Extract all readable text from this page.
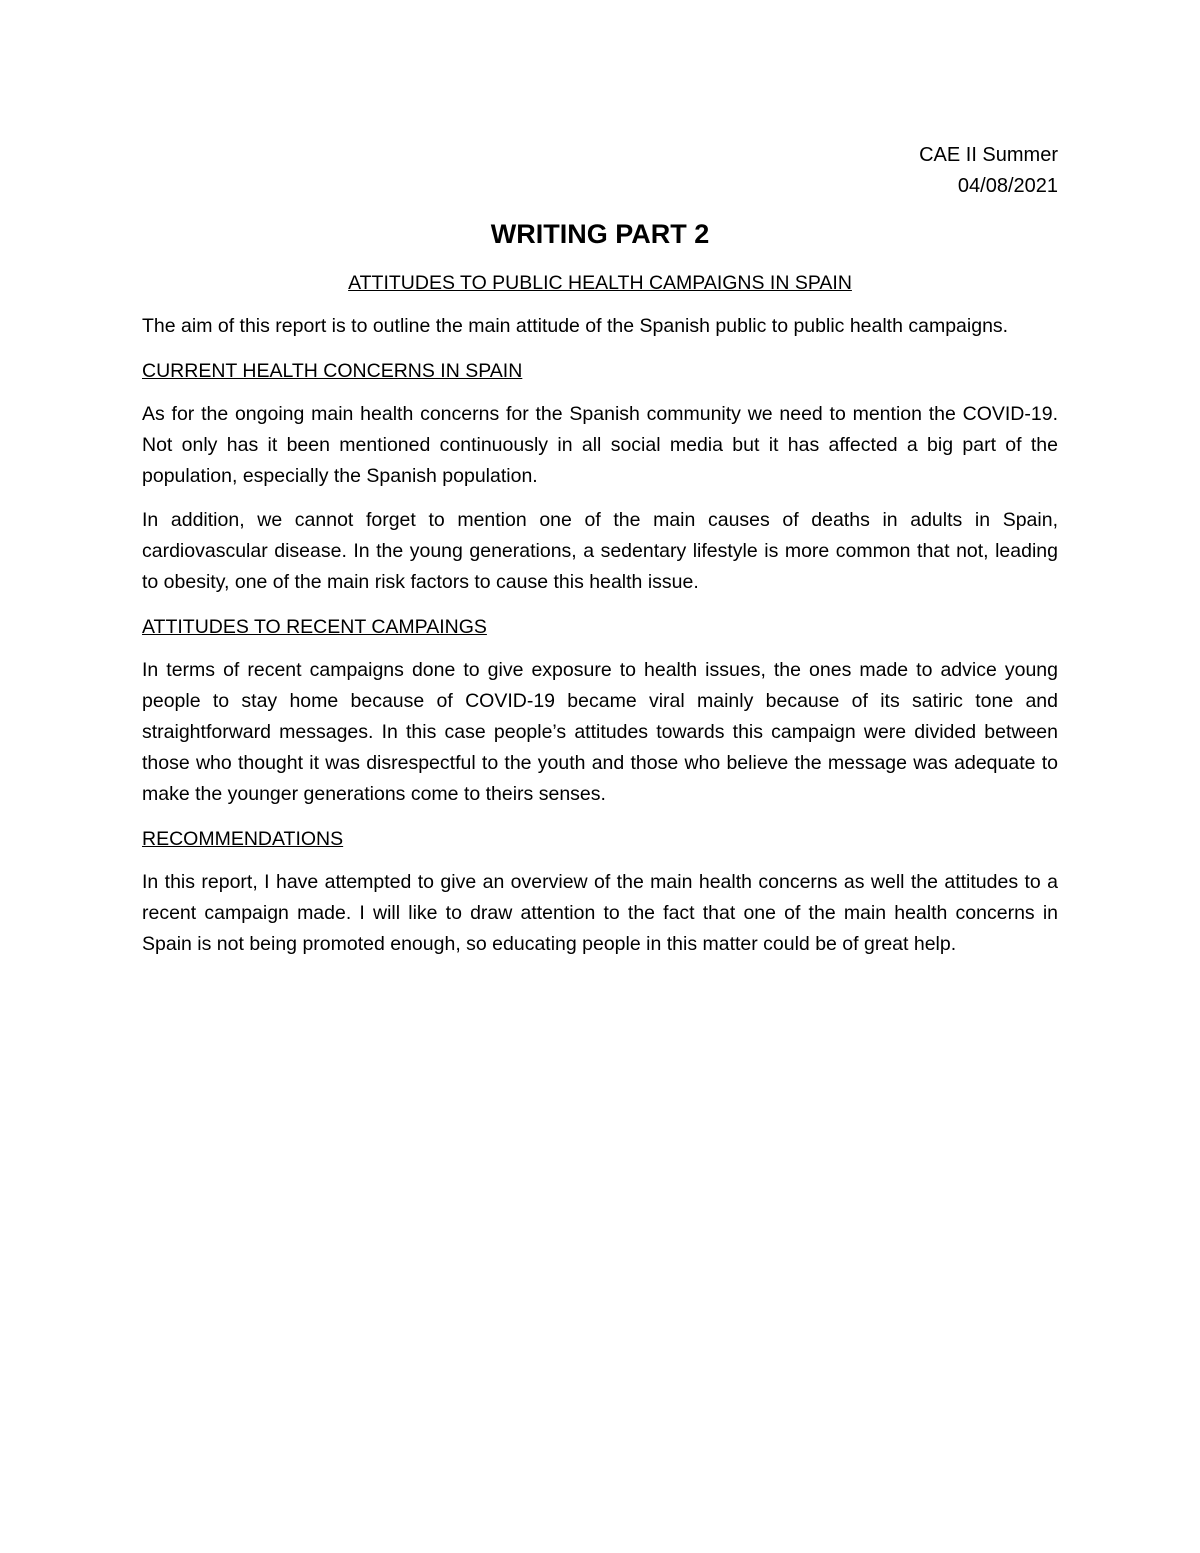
CAE II Summer
04/08/2021
WRITING PART 2
ATTITUDES TO PUBLIC HEALTH CAMPAIGNS IN SPAIN

The aim of this report is to outline the main attitude of the Spanish public to public health campaigns.

CURRENT HEALTH CONCERNS IN SPAIN

As for the ongoing main health concerns for the Spanish community we need to mention the COVID-19. Not only has it been mentioned continuously in all social media but it has affected a big part of the population, especially the Spanish population.

In addition, we cannot forget to mention one of the main causes of deaths in adults in Spain, cardiovascular disease. In the young generations, a sedentary lifestyle is more common that not, leading to obesity, one of the main risk factors to cause this health issue.

ATTITUDES TO RECENT CAMPAINGS

In terms of recent campaigns done to give exposure to health issues, the ones made to advice young people to stay home because of COVID-19 became viral mainly because of its satiric tone and straightforward messages. In this case people’s attitudes towards this campaign were divided between those who thought it was disrespectful to the youth and those who believe the message was adequate to make the younger generations come to theirs senses.

RECOMMENDATIONS

In this report, I have attempted to give an overview of the main health concerns as well the attitudes to a recent campaign made. I will like to draw attention to the fact that one of the main health concerns in Spain is not being promoted enough, so educating people in this matter could be of great help.
